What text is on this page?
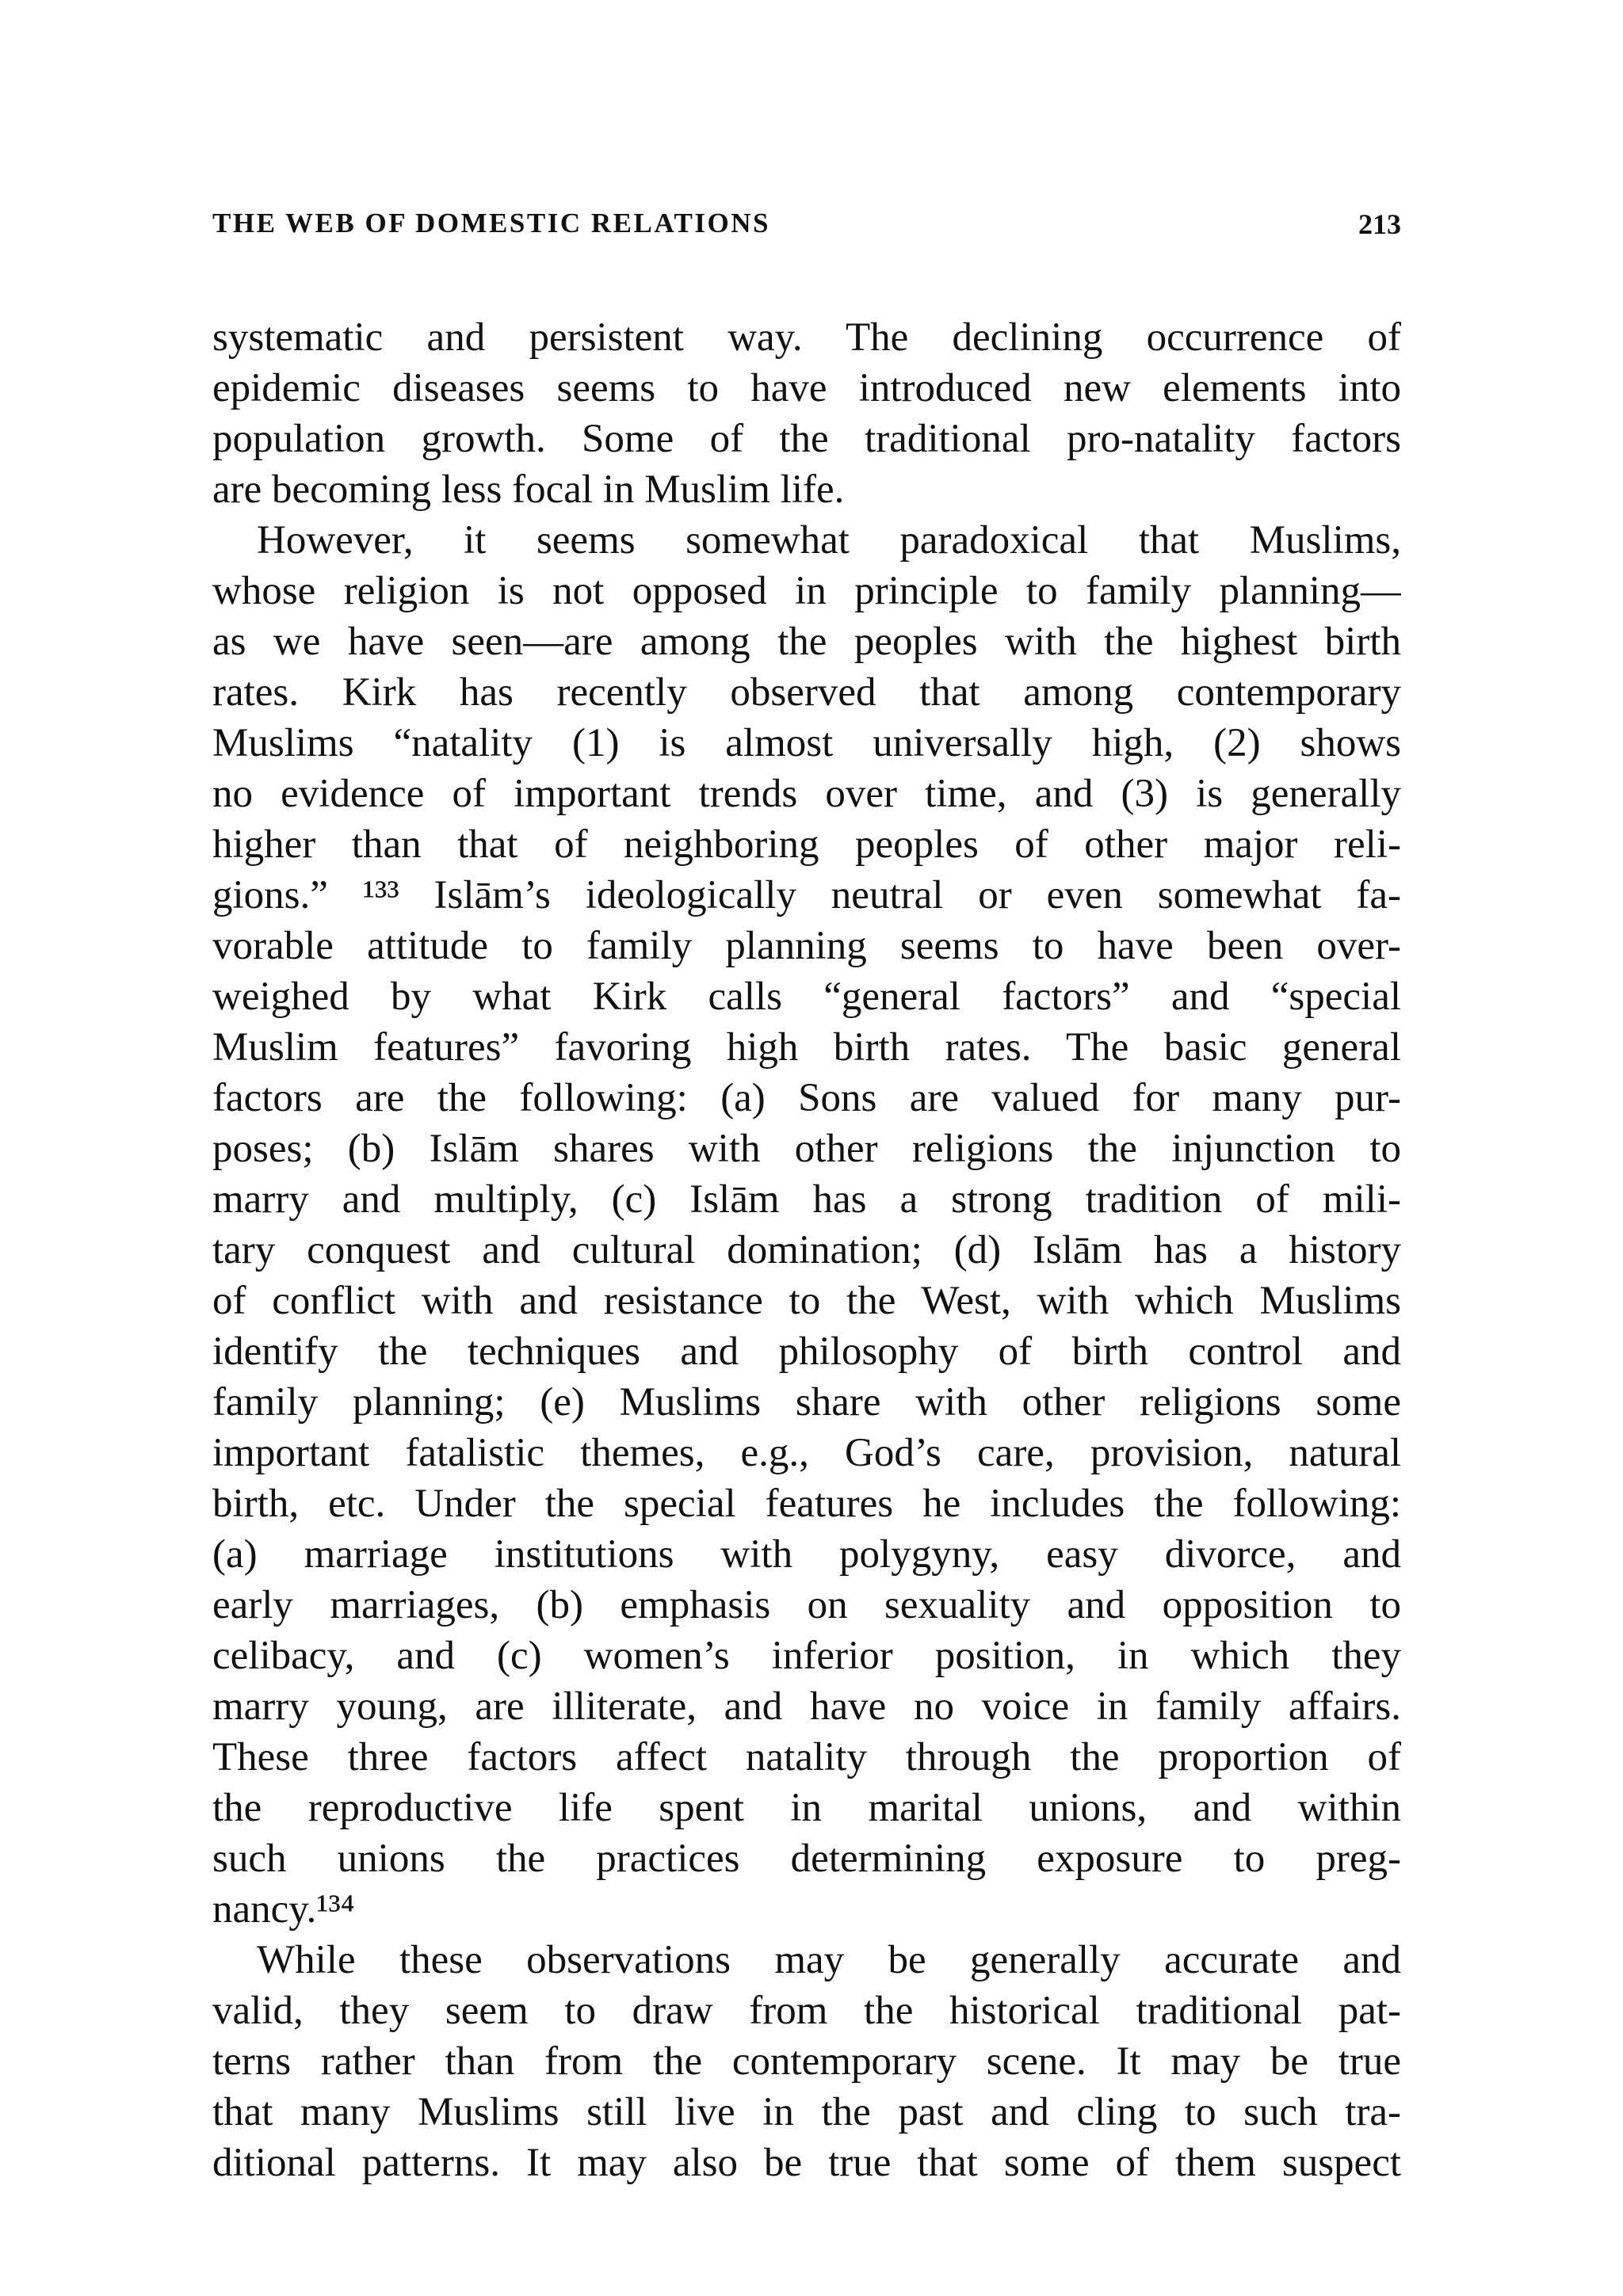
THE WEB OF DOMESTIC RELATIONS	213
systematic and persistent way. The declining occurrence of
epidemic diseases seems to have introduced new elements into
population growth. Some of the traditional pro-natality factors
are becoming less focal in Muslim life.
However, it seems somewhat paradoxical that Muslims,
whose religion is not opposed in principle to family planning—
as we have seen—are among the peoples with the highest birth
rates. Kirk has recently observed that among contemporary
Muslims “natality (1) is almost universally high, (2) shows
no evidence of important trends over time, and (3) is generally
higher than that of neighboring peoples of other major reli-
gions.” ¹³³ Islām’s ideologically neutral or even somewhat fa-
vorable attitude to family planning seems to have been over-
weighed by what Kirk calls “general factors” and “special
Muslim features” favoring high birth rates. The basic general
factors are the following: (a) Sons are valued for many pur-
poses; (b) Islām shares with other religions the injunction to
marry and multiply, (c) Islām has a strong tradition of mili-
tary conquest and cultural domination; (d) Islām has a history
of conflict with and resistance to the West, with which Muslims
identify the techniques and philosophy of birth control and
family planning; (e) Muslims share with other religions some
important fatalistic themes, e.g., God’s care, provision, natural
birth, etc. Under the special features he includes the following:
(a) marriage institutions with polygyny, easy divorce, and
early marriages, (b) emphasis on sexuality and opposition to
celibacy, and (c) women’s inferior position, in which they
marry young, are illiterate, and have no voice in family affairs.
These three factors affect natality through the proportion of
the reproductive life spent in marital unions, and within
such unions the practices determining exposure to preg-
nancy.¹³⁴
While these observations may be generally accurate and
valid, they seem to draw from the historical traditional pat-
terns rather than from the contemporary scene. It may be true
that many Muslims still live in the past and cling to such tra-
ditional patterns. It may also be true that some of them suspect
